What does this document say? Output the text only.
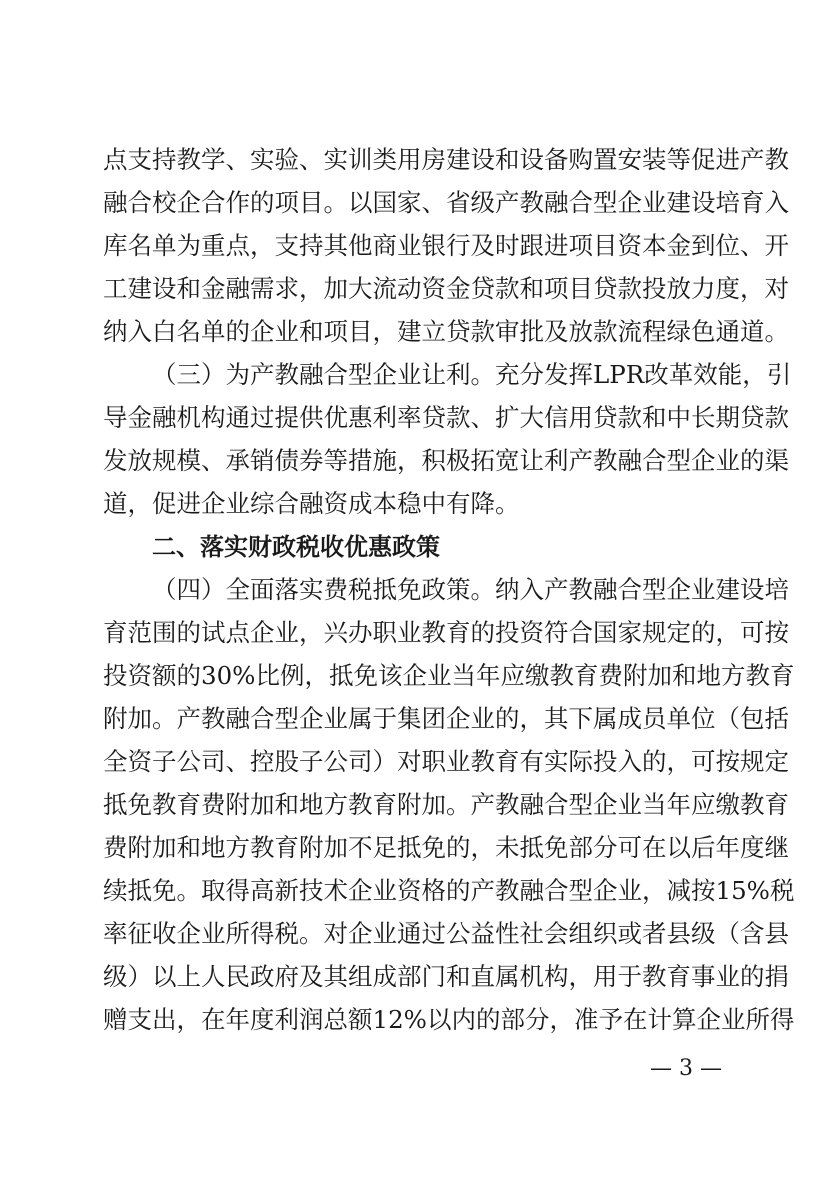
点支持教学、实验、实训类用房建设和设备购置安装等促进产教
融合校企合作的项目。以国家、省级产教融合型企业建设培育入
库名单为重点，支持其他商业银行及时跟进项目资本金到位、开
工建设和金融需求，加大流动资金贷款和项目贷款投放力度，对
纳入白名单的企业和项目，建立贷款审批及放款流程绿色通道。
（三）为产教融合型企业让利。充分发挥LPR改革效能，引
导金融机构通过提供优惠利率贷款、扩大信用贷款和中长期贷款
发放规模、承销债券等措施，积极拓宽让利产教融合型企业的渠
道，促进企业综合融资成本稳中有降。
二、落实财政税收优惠政策
（四）全面落实费税抵免政策。纳入产教融合型企业建设培
育范围的试点企业，兴办职业教育的投资符合国家规定的，可按
投资额的30%比例，抵免该企业当年应缴教育费附加和地方教育
附加。产教融合型企业属于集团企业的，其下属成员单位（包括
全资子公司、控股子公司）对职业教育有实际投入的，可按规定
抵免教育费附加和地方教育附加。产教融合型企业当年应缴教育
费附加和地方教育附加不足抵免的，未抵免部分可在以后年度继
续抵免。取得高新技术企业资格的产教融合型企业，减按15%税
率征收企业所得税。对企业通过公益性社会组织或者县级（含县
级）以上人民政府及其组成部门和直属机构，用于教育事业的捐
赠支出，在年度利润总额12%以内的部分，准予在计算企业所得
— 3 —
